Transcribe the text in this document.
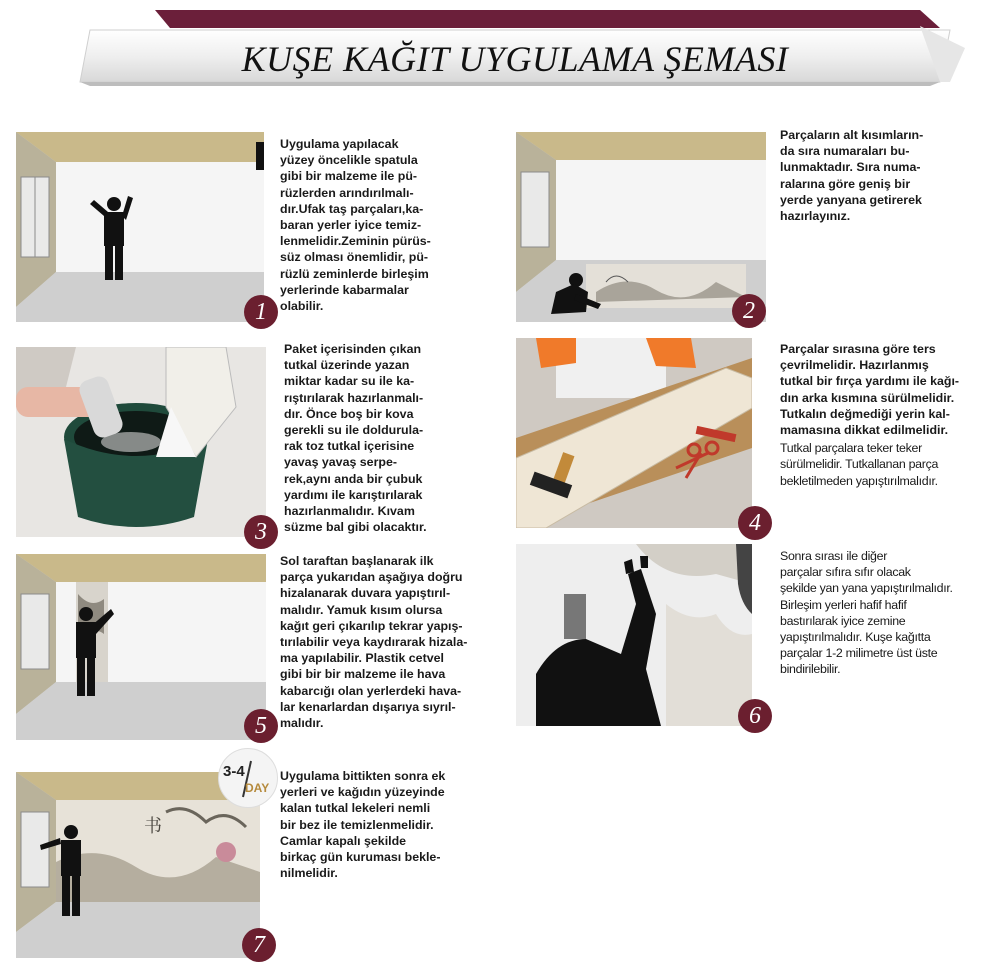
KUŞE KAĞIT UYGULAMA ŞEMASI
1

Uygulama yapılacak

yüzey öncelikle spatula

gibi bir malzeme ile pü-

rüzlerden arındırılmalı-

dır.Ufak taş parçaları,ka-

baran yerler iyice temiz-

lenmelidir.Zeminin pürüs-

süz olması önemlidir, pü-

rüzlü zeminlerde birleşim

yerlerinde kabarmalar

olabilir.	2

Parçaların alt kısımların-

da sıra numaraları bu-

lunmaktadır. Sıra numa-

ralarına göre geniş bir

yerde yanyana getirerek

hazırlayınız.

3

Paket içerisinden çıkan

tutkal üzerinde yazan

miktar kadar su ile ka-

rıştırılarak hazırlanmalı-

dır. Önce boş bir kova

gerekli su ile doldurula-

rak toz tutkal içerisine

yavaş yavaş serpe-

rek,aynı anda bir çubuk

yardımı ile karıştırılarak

hazırlanmalıdır. Kıvam

süzme bal gibi olacaktır.	4

Parçalar sırasına göre ters

çevrilmelidir. Hazırlanmış

tutkal bir fırça yardımı ile kağı-

dın arka kısmına sürülmelidir.

Tutkalın değmediği yerin kal-

mamasına dikkat edilmelidir.

Tutkal parçalara teker teker

sürülmelidir. Tutkallanan parça

bekletilmeden yapıştırılmalıdır.

5

Sol taraftan başlanarak ilk

parça yukarıdan aşağıya doğru

hizalanarak duvara yapıştırıl-

malıdır. Yamuk kısım olursa

kağıt geri çıkarılıp tekrar yapış-

tırılabilir veya kaydırarak hizala-

ma yapılabilir. Plastik cetvel

gibi bir bir malzeme ile hava

kabarcığı olan yerlerdeki hava-

lar kenarlardan dışarıya sıyrıl-

malıdır.	6

Sonra sırası ile diğer

parçalar sıfıra sıfır olacak

şekilde yan yana yapıştırılmalıdır.

Birleşim yerleri hafif hafif

bastırılarak iyice zemine

yapıştırılmalıdır. Kuşe kağıtta

parçalar 1-2 milimetre üst üste

bindirilebilir.

书
3-4
DAY
7

Uygulama bittikten sonra ek

yerleri ve kağıdın yüzeyinde

kalan tutkal lekeleri nemli

bir bez ile temizlenmelidir.

Camlar kapalı şekilde

birkaç gün kuruması bekle-

nilmelidir.
